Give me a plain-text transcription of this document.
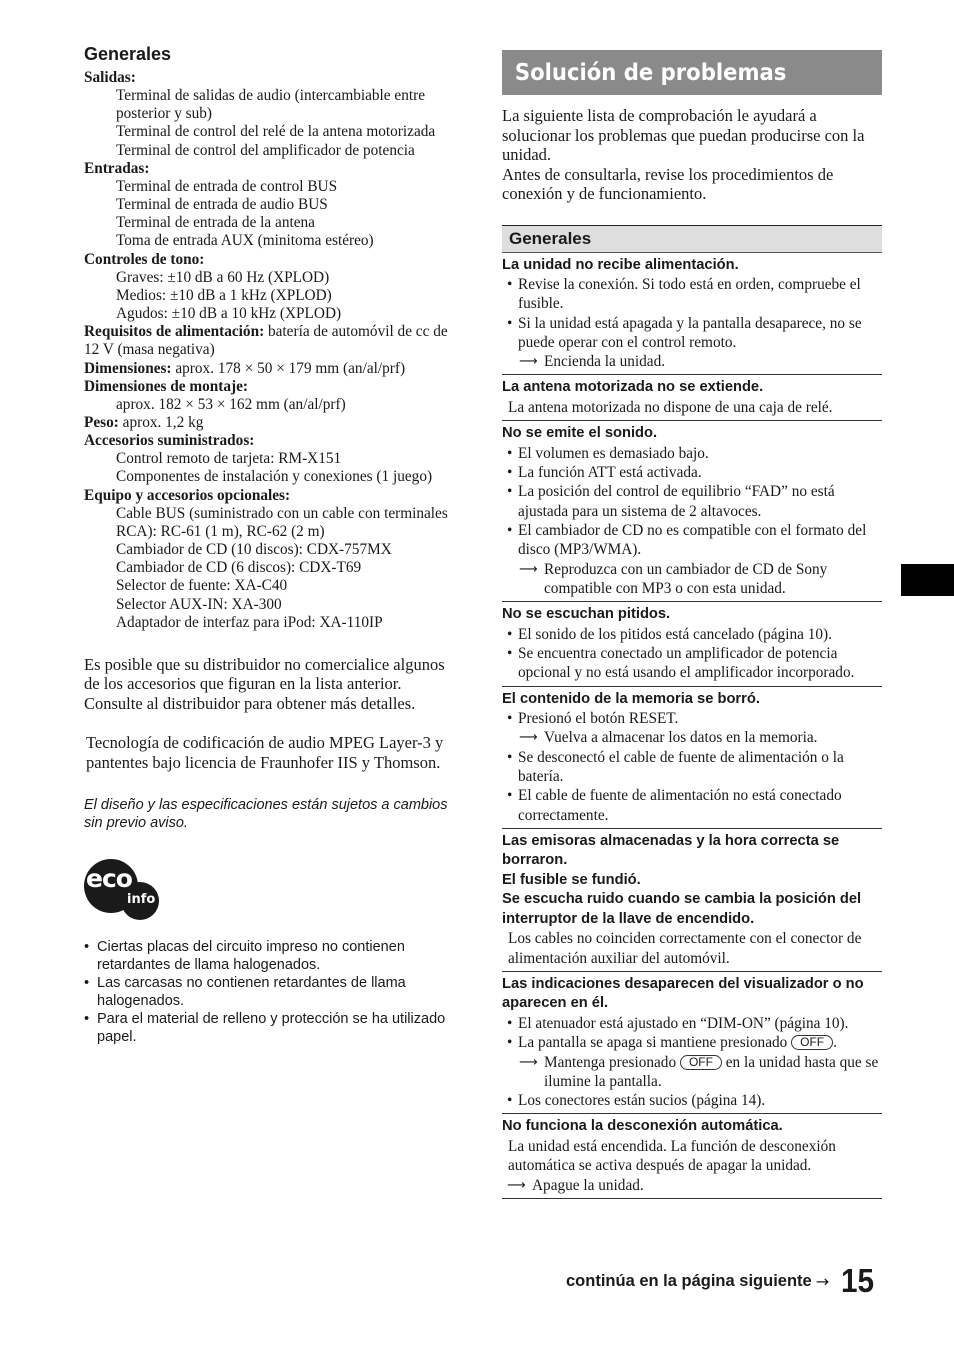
Generales
Salidas:
Terminal de salidas de audio (intercambiable entre posterior y sub)
Terminal de control del relé de la antena motorizada
Terminal de control del amplificador de potencia
Entradas:
Terminal de entrada de control BUS
Terminal de entrada de audio BUS
Terminal de entrada de la antena
Toma de entrada AUX (minitoma estéreo)
Controles de tono:
Graves: ±10 dB a 60 Hz (XPLOD)
Medios: ±10 dB a 1 kHz (XPLOD)
Agudos: ±10 dB a 10 kHz (XPLOD)
Requisitos de alimentación: batería de automóvil de cc de 12 V (masa negativa)
Dimensiones: aprox. 178 × 50 × 179 mm (an/al/prf)
Dimensiones de montaje:
aprox. 182 × 53 × 162 mm (an/al/prf)
Peso: aprox. 1,2 kg
Accesorios suministrados:
Control remoto de tarjeta: RM-X151
Componentes de instalación y conexiones (1 juego)
Equipo y accesorios opcionales:
Cable BUS (suministrado con un cable con terminales RCA): RC-61 (1 m), RC-62 (2 m)
Cambiador de CD (10 discos): CDX-757MX
Cambiador de CD (6 discos): CDX-T69
Selector de fuente: XA-C40
Selector AUX-IN: XA-300
Adaptador de interfaz para iPod: XA-110IP
Es posible que su distribuidor no comercialice algunos de los accesorios que figuran en la lista anterior. Consulte al distribuidor para obtener más detalles.
Tecnología de codificación de audio MPEG Layer-3 y pantentes bajo licencia de Fraunhofer IIS y Thomson.
El diseño y las especificaciones están sujetos a cambios sin previo aviso.
eco
info
• Ciertas placas del circuito impreso no contienen retardantes de llama halogenados.
• Las carcasas no contienen retardantes de llama halogenados.
• Para el material de relleno y protección se ha utilizado papel.
Solución de problemas
La siguiente lista de comprobación le ayudará a solucionar los problemas que puedan producirse con la unidad.
Antes de consultarla, revise los procedimientos de conexión y de funcionamiento.
Generales
La unidad no recibe alimentación.
• Revise la conexión. Si todo está en orden, compruebe el fusible.
• Si la unidad está apagada y la pantalla desaparece, no se puede operar con el control remoto.
⟶ Encienda la unidad.
La antena motorizada no se extiende.
La antena motorizada no dispone de una caja de relé.
No se emite el sonido.
• El volumen es demasiado bajo.
• La función ATT está activada.
• La posición del control de equilibrio “FAD” no está ajustada para un sistema de 2 altavoces.
• El cambiador de CD no es compatible con el formato del disco (MP3/WMA).
⟶ Reproduzca con un cambiador de CD de Sony compatible con MP3 o con esta unidad.
No se escuchan pitidos.
• El sonido de los pitidos está cancelado (página 10).
• Se encuentra conectado un amplificador de potencia opcional y no está usando el amplificador incorporado.
El contenido de la memoria se borró.
• Presionó el botón RESET.
⟶ Vuelva a almacenar los datos en la memoria.
• Se desconectó el cable de fuente de alimentación o la batería.
• El cable de fuente de alimentación no está conectado correctamente.
Las emisoras almacenadas y la hora correcta se borraron.
El fusible se fundió.
Se escucha ruido cuando se cambia la posición del interruptor de la llave de encendido.
Los cables no coinciden correctamente con el conector de alimentación auxiliar del automóvil.
Las indicaciones desaparecen del visualizador o no aparecen en él.
• El atenuador está ajustado en “DIM-ON” (página 10).
• La pantalla se apaga si mantiene presionado OFF .
⟶ Mantenga presionado OFF en la unidad hasta que se ilumine la pantalla.
• Los conectores están sucios (página 14).
No funciona la desconexión automática.
La unidad está encendida. La función de desconexión automática se activa después de apagar la unidad.
⟶ Apague la unidad.
continúa en la página siguiente → 15
